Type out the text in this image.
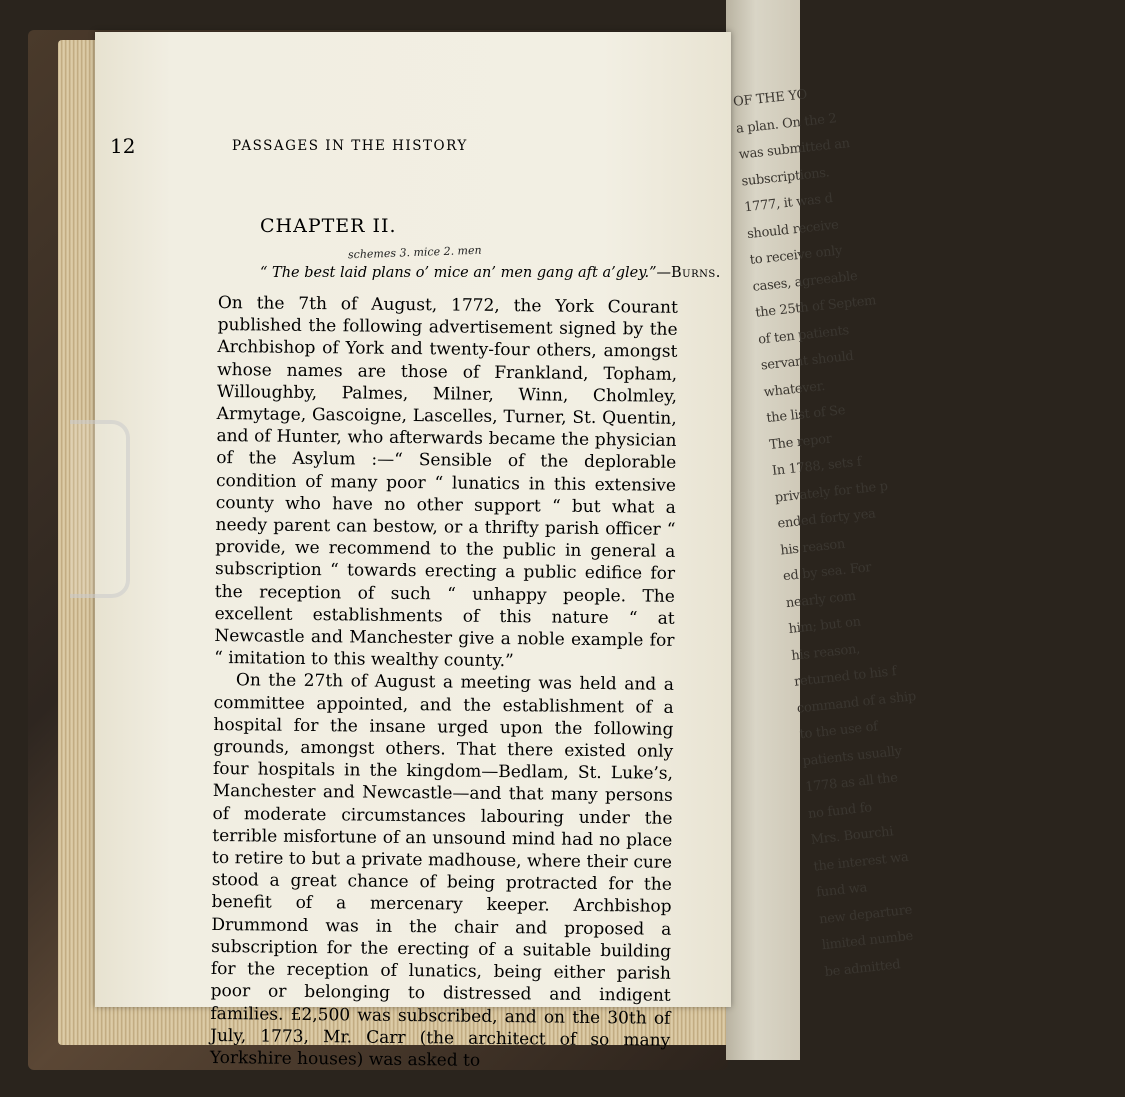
OF THE YO
a plan. On the 2
was submitted an
subscriptions.
1777, it was d
should receive
to receive only
cases, agreeable
the 25th of Septem
of ten patients
servant should
whatever.
the list of Se
The repor
In 1788, sets f
privately for the p
ended forty yea
his reason
ed by sea. For
nearly com
him; but on
his reason,
returned to his f
command of a ship
to the use of
patients usually
1778 as all the
no fund fo
Mrs. Bourchi
the interest wa
fund wa
new departure
limited numbe
be admitted
12	PASSAGES IN THE HISTORY
CHAPTER II.
schemes 3. mice 2. men
“ The best laid plans o’ mice an’ men gang aft a’gley.”—Burns.

On the 7th of August, 1772, the York Courant published the following advertisement signed by the Archbishop of York and twenty-four others, amongst whose names are those of Frankland, Topham, Willoughby, Palmes, Milner, Winn, Cholmley, Armytage, Gascoigne, Lascelles, Turner, St. Quentin, and of Hunter, who afterwards became the physician of the Asylum :—“ Sensible of the deplorable condition of many poor “ lunatics in this extensive county who have no other support “ but what a needy parent can bestow, or a thrifty parish officer “ provide, we recommend to the public in general a subscription “ towards erecting a public edifice for the reception of such “ unhappy people. The excellent establishments of this nature “ at Newcastle and Manchester give a noble example for “ imitation to this wealthy county.”

On the 27th of August a meeting was held and a committee appointed, and the establishment of a hospital for the insane urged upon the following grounds, amongst others. That there existed only four hospitals in the kingdom—Bedlam, St. Luke’s, Manchester and Newcastle—and that many persons of moderate circumstances labouring under the terrible misfortune of an unsound mind had no place to retire to but a private madhouse, where their cure stood a great chance of being protracted for the benefit of a mercenary keeper. Archbishop Drummond was in the chair and proposed a subscription for the erecting of a suitable building for the reception of lunatics, being either parish poor or belonging to distressed and indigent families. £2,500 was subscribed, and on the 30th of July, 1773, Mr. Carr (the architect of so many Yorkshire houses) was asked to
